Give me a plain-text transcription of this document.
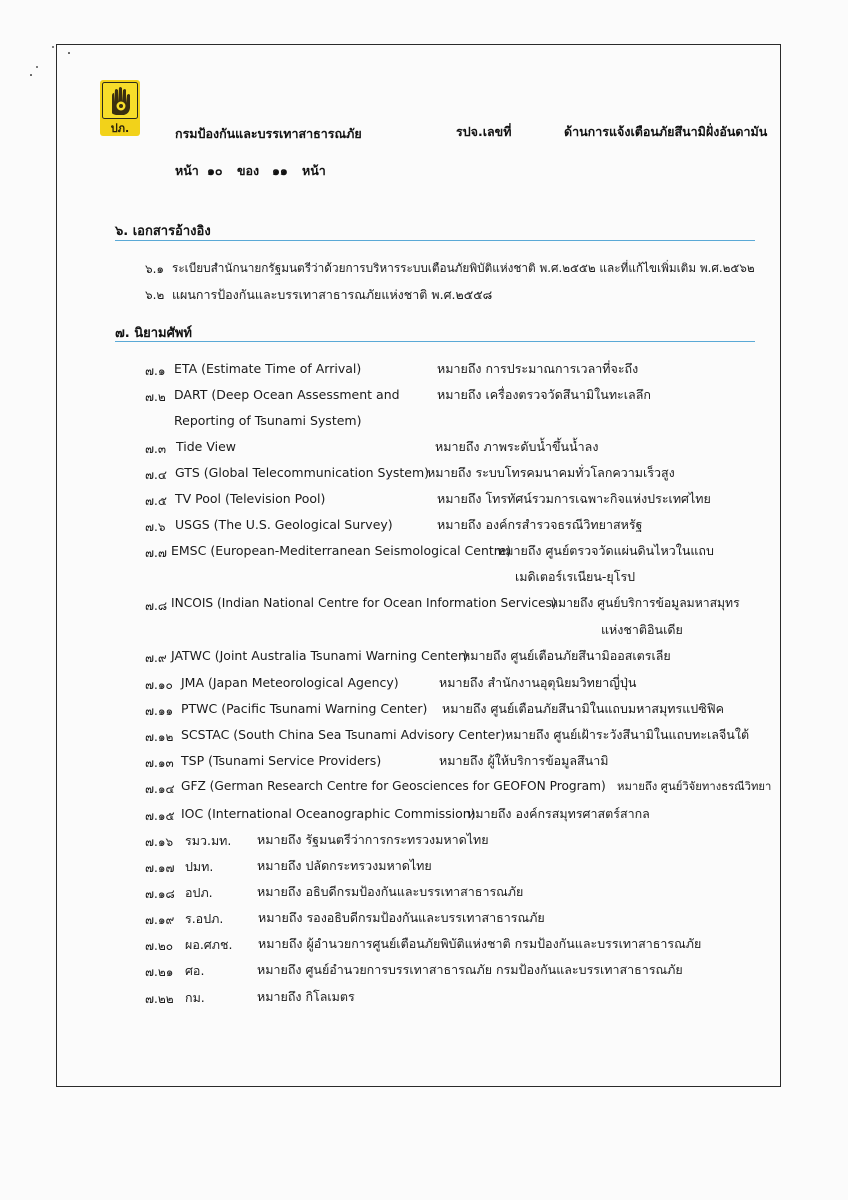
ปภ.	กรมป้องกันและบรรเทาสาธารณภัย	รปจ.เลขที่	ด้านการแจ้งเตือนภัยสึนามิฝั่งอันดามัน
หน้า ๑๐ ของ ๑๑ หน้า
๖. เอกสารอ้างอิง
๖.๑ ระเบียบสำนักนายกรัฐมนตรีว่าด้วยการบริหารระบบเตือนภัยพิบัติแห่งชาติ พ.ศ.๒๕๕๒ และที่แก้ไขเพิ่มเติม พ.ศ.๒๕๖๒
๖.๒ แผนการป้องกันและบรรเทาสาธารณภัยแห่งชาติ พ.ศ.๒๕๕๘
๗. นิยามศัพท์
๗.๑ ETA (Estimate Time of Arrival)	หมายถึง การประมาณการเวลาที่จะถึง
๗.๒ DART (Deep Ocean Assessment and	หมายถึง เครื่องตรวจวัดสึนามิในทะเลลึก
Reporting of Tsunami System)
๗.๓ Tide View	หมายถึง ภาพระดับน้ำขึ้นน้ำลง
๗.๔ GTS (Global Telecommunication System)
หมายถึง ระบบโทรคมนาคมทั่วโลกความเร็วสูง
๗.๕ TV Pool (Television Pool)	หมายถึง โทรทัศน์รวมการเฉพาะกิจแห่งประเทศไทย
๗.๖ USGS (The U.S. Geological Survey)	หมายถึง องค์กรสำรวจธรณีวิทยาสหรัฐ
๗.๗ EMSC (European-Mediterranean Seismological Centre)
หมายถึง ศูนย์ตรวจวัดแผ่นดินไหวในแถบ
เมดิเตอร์เรเนียน-ยุโรป
๗.๘ INCOIS (Indian National Centre for Ocean Information Services)
หมายถึง ศูนย์บริการข้อมูลมหาสมุทร
แห่งชาติอินเดีย
๗.๙ JATWC (Joint Australia Tsunami Warning Center)
หมายถึง ศูนย์เตือนภัยสึนามิออสเตรเลีย
๗.๑๐ JMA (Japan Meteorological Agency)	หมายถึง สำนักงานอุตุนิยมวิทยาญี่ปุ่น
๗.๑๑ PTWC (Pacific Tsunami Warning Center) หมายถึง ศูนย์เตือนภัยสึนามิในแถบมหาสมุทรแปซิฟิค
๗.๑๒ SCSTAC (South China Sea Tsunami Advisory Center) หมายถึง ศูนย์เฝ้าระวังสึนามิในแถบทะเลจีนใต้
๗.๑๓ TSP (Tsunami Service Providers)	หมายถึง ผู้ให้บริการข้อมูลสึนามิ
๗.๑๔ GFZ (German Research Centre for Geosciences for GEOFON Program) หมายถึง ศูนย์วิจัยทางธรณีวิทยา
๗.๑๕ IOC (International Oceanographic Commission)
หมายถึง องค์กรสมุทรศาสตร์สากล
๗.๑๖ รมว.มท. หมายถึง รัฐมนตรีว่าการกระทรวงมหาดไทย
๗.๑๗ ปมท.	หมายถึง ปลัดกระทรวงมหาดไทย
๗.๑๘ อปภ.	หมายถึง อธิบดีกรมป้องกันและบรรเทาสาธารณภัย
๗.๑๙ ร.อปภ.	หมายถึง รองอธิบดีกรมป้องกันและบรรเทาสาธารณภัย
๗.๒๐ ผอ.ศภช. หมายถึง ผู้อำนวยการศูนย์เตือนภัยพิบัติแห่งชาติ กรมป้องกันและบรรเทาสาธารณภัย
๗.๒๑ ศอ.	หมายถึง ศูนย์อำนวยการบรรเทาสาธารณภัย กรมป้องกันและบรรเทาสาธารณภัย
๗.๒๒ กม.	หมายถึง กิโลเมตร
